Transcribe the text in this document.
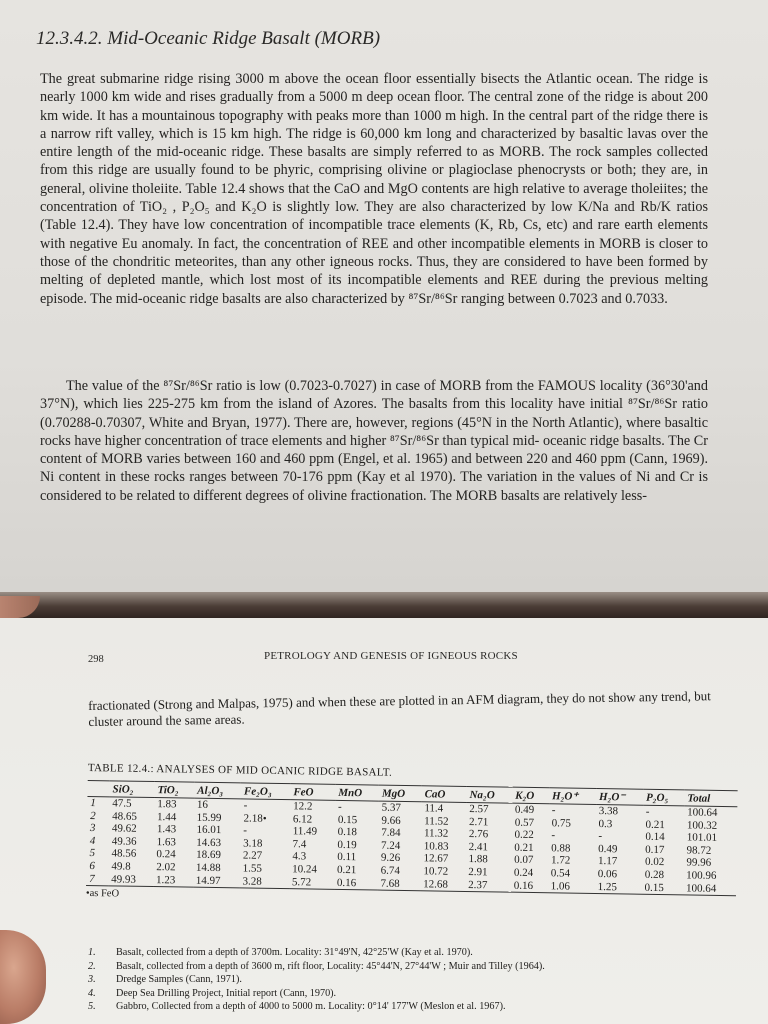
12.3.4.2. Mid-Oceanic Ridge Basalt (MORB)

The great submarine ridge rising 3000 m above the ocean floor essentially bisects the Atlantic ocean. The ridge is nearly 1000 km wide and rises gradually from a 5000 m deep ocean floor. The central zone of the ridge is about 200 km wide. It has a mountainous topography with peaks more than 1000 m high. In the central part of the ridge there is a narrow rift valley, which is 15 km high. The ridge is 60,000 km long and characterized by basaltic lavas over the entire length of the mid-oceanic ridge. These basalts are simply referred to as MORB. The rock samples collected from this ridge are usually found to be phyric, comprising olivine or plagioclase phenocrysts or both; they are, in general, olivine tholeiite. Table 12.4 shows that the CaO and MgO contents are high relative to average tholeiites; the concentration of TiO₂ , P₂O₅ and K₂O is slightly low. They are also characterized by low K/Na and Rb/K ratios (Table 12.4). They have low concentration of incompatible trace elements (K, Rb, Cs, etc) and rare earth elements with negative Eu anomaly. In fact, the concentration of REE and other incompatible elements in MORB is closer to those of the chondritic meteorites, than any other igneous rocks. Thus, they are considered to have been formed by melting of depleted mantle, which lost most of its incompatible elements and REE during the previous melting episode. The mid-oceanic ridge basalts are also characterized by ⁸⁷Sr/⁸⁶Sr ranging between 0.7023 and 0.7033.

The value of the ⁸⁷Sr/⁸⁶Sr ratio is low (0.7023-0.7027) in case of MORB from the FAMOUS locality (36°30'and 37°N), which lies 225-275 km from the island of Azores. The basalts from this locality have initial ⁸⁷Sr/⁸⁶Sr ratio (0.70288-0.70307, White and Bryan, 1977). There are, however, regions (45°N in the North Atlantic), where basaltic rocks have higher concentration of trace elements and higher ⁸⁷Sr/⁸⁶Sr than typical mid- oceanic ridge basalts. The Cr content of MORB varies between 160 and 460 ppm (Engel, et al. 1965) and between 220 and 460 ppm (Cann, 1969). Ni content in these rocks ranges between 70-176 ppm (Kay et al 1970). The variation in the values of Ni and Cr is considered to be related to different degrees of olivine fractionation. The MORB basalts are relatively less-

298	PETROLOGY AND GENESIS OF IGNEOUS ROCKS

fractionated (Strong and Malpas, 1975) and when these are plotted in an AFM diagram, they do not show any trend, but cluster around the same areas.

TABLE 12.4.: ANALYSES OF MID OCANIC RIDGE BASALT.
	SiO₂	TiO₂	Al₂O₃	Fe₂O₃	FeO	MnO	MgO	CaO	Na₂O	K₂O	H₂O⁺	H₂O⁻	P₂O₅	Total
1	47.5	1.83	16	-	12.2	-	5.37	11.4	2.57	0.49	-	3.38	-	100.64
2	48.65	1.44	15.99	2.18•	6.12	0.15	9.66	11.52	2.71	0.57	0.75	0.3	0.21	100.32
3	49.62	1.43	16.01	-	11.49	0.18	7.84	11.32	2.76	0.22	-	-	0.14	101.01
4	49.36	1.63	14.63	3.18	7.4	0.19	7.24	10.83	2.41	0.21	0.88	0.49	0.17	98.72
5	48.56	0.24	18.69	2.27	4.3	0.11	9.26	12.67	1.88	0.07	1.72	1.17	0.02	99.96
6	49.8	2.02	14.88	1.55	10.24	0.21	6.74	10.72	2.91	0.24	0.54	0.06	0.28	100.96
7	49.93	1.23	14.97	3.28	5.72	0.16	7.68	12.68	2.37	0.16	1.06	1.25	0.15	100.64
•as FeO
1.	Basalt, collected from a depth of 3700m. Locality: 31°49'N, 42°25'W (Kay et al. 1970).
2.	Basalt, collected from a depth of 3600 m, rift floor, Locality: 45°44'N, 27°44'W ; Muir and Tilley (1964).
3.	Dredge Samples (Cann, 1971).
4.	Deep Sea Drilling Project, Initial report (Cann, 1970).
5.	Gabbro, Collected from a depth of 4000 to 5000 m. Locality: 0°14' 177'W (Meslon et al. 1967).
